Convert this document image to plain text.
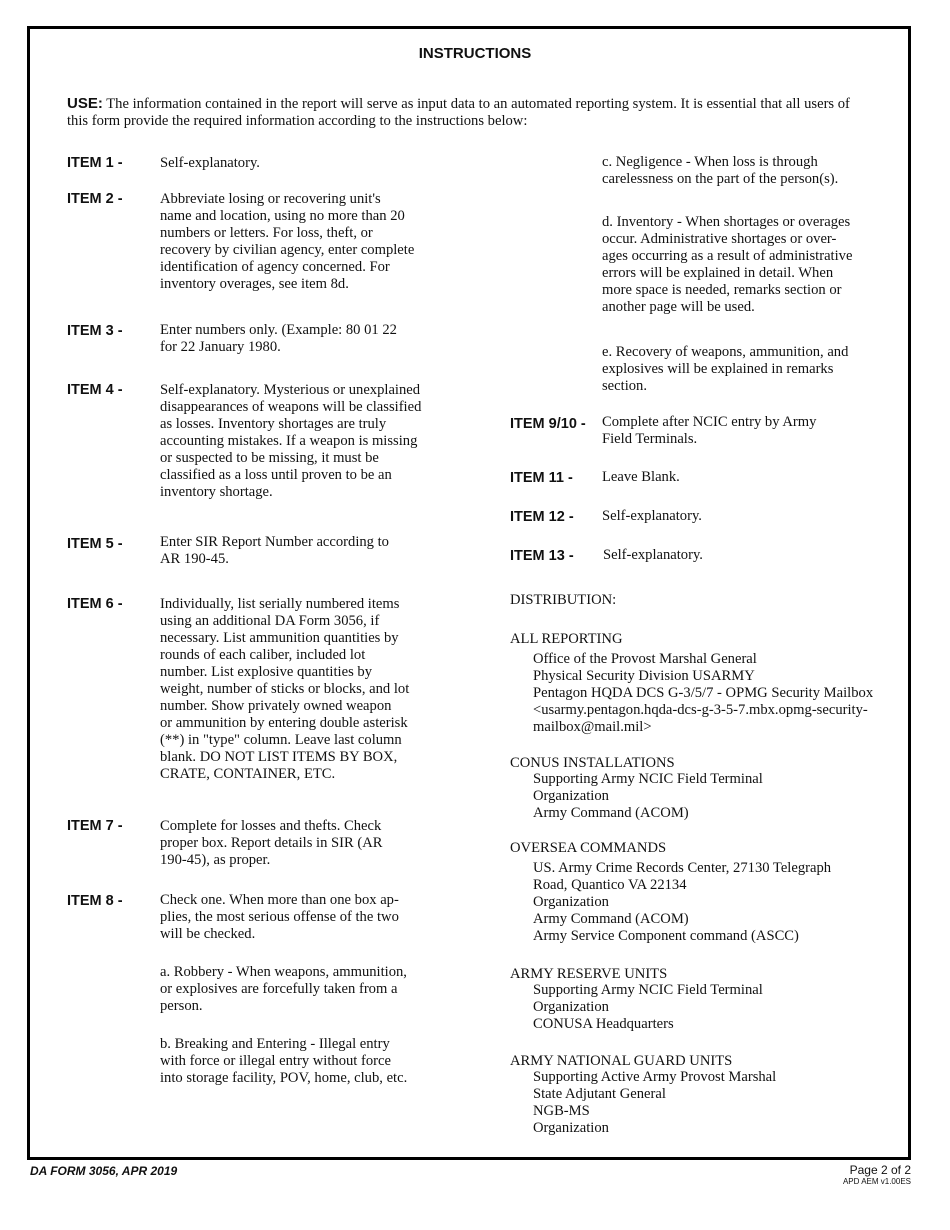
INSTRUCTIONS
USE: The information contained in the report will serve as input data to an automated reporting system. It is essential that all users of this form provide the required information according to the instructions below:
ITEM 1 -	Self-explanatory.
ITEM 2 -	Abbreviate losing or recovering unit's
name and location, using no more than 20
numbers or letters. For loss, theft, or
recovery by civilian agency, enter complete
identification of agency concerned. For
inventory overages, see item 8d.
ITEM 3 -	Enter numbers only. (Example: 80 01 22
for 22 January 1980.
ITEM 4 -	Self-explanatory. Mysterious or unexplained
disappearances of weapons will be classified
as losses. Inventory shortages are truly
accounting mistakes. If a weapon is missing
or suspected to be missing, it must be
classified as a loss until proven to be an
inventory shortage.
ITEM 5 -	Enter SIR Report Number according to
AR 190-45.
ITEM 6 -	Individually, list serially numbered items
using an additional DA Form 3056, if
necessary. List ammunition quantities by
rounds of each caliber, included lot
number. List explosive quantities by
weight, number of sticks or blocks, and lot
number. Show privately owned weapon
or ammunition by entering double asterisk
(**) in "type" column. Leave last column
blank. DO NOT LIST ITEMS BY BOX,
CRATE, CONTAINER, ETC.
ITEM 7 -	Complete for losses and thefts. Check
proper box. Report details in SIR (AR
190-45), as proper.
ITEM 8 -	Check one. When more than one box ap-
plies, the most serious offense of the two
will be checked.
a. Robbery - When weapons, ammunition,
or explosives are forcefully taken from a
person.
b. Breaking and Entering - Illegal entry
with force or illegal entry without force
into storage facility, POV, home, club, etc.
c. Negligence - When loss is through
carelessness on the part of the person(s).
d. Inventory - When shortages or overages
occur. Administrative shortages or over-
ages occurring as a result of administrative
errors will be explained in detail. When
more space is needed, remarks section or
another page will be used.
e. Recovery of weapons, ammunition, and
explosives will be explained in remarks
section.
ITEM 9/10 - Complete after NCIC entry by Army
Field Terminals.
ITEM 11 - Leave Blank.
ITEM 12 - Self-explanatory.
ITEM 13 - Self-explanatory.
DISTRIBUTION:
ALL REPORTING
Office of the Provost Marshal General
Physical Security Division USARMY
Pentagon HQDA DCS G-3/5/7 - OPMG Security Mailbox
<usarmy.pentagon.hqda-dcs-g-3-5-7.mbx.opmg-security-
mailbox@mail.mil>
CONUS INSTALLATIONS
Supporting Army NCIC Field Terminal
Organization
Army Command (ACOM)
OVERSEA COMMANDS
US. Army Crime Records Center, 27130 Telegraph
Road, Quantico VA 22134
Organization
Army Command (ACOM)
Army Service Component command (ASCC)
ARMY RESERVE UNITS
Supporting Army NCIC Field Terminal
Organization
CONUSA Headquarters
ARMY NATIONAL GUARD UNITS
Supporting Active Army Provost Marshal
State Adjutant General
NGB-MS
Organization
DA FORM 3056, APR 2019	Page 2 of 2
APD AEM v1.00ES
